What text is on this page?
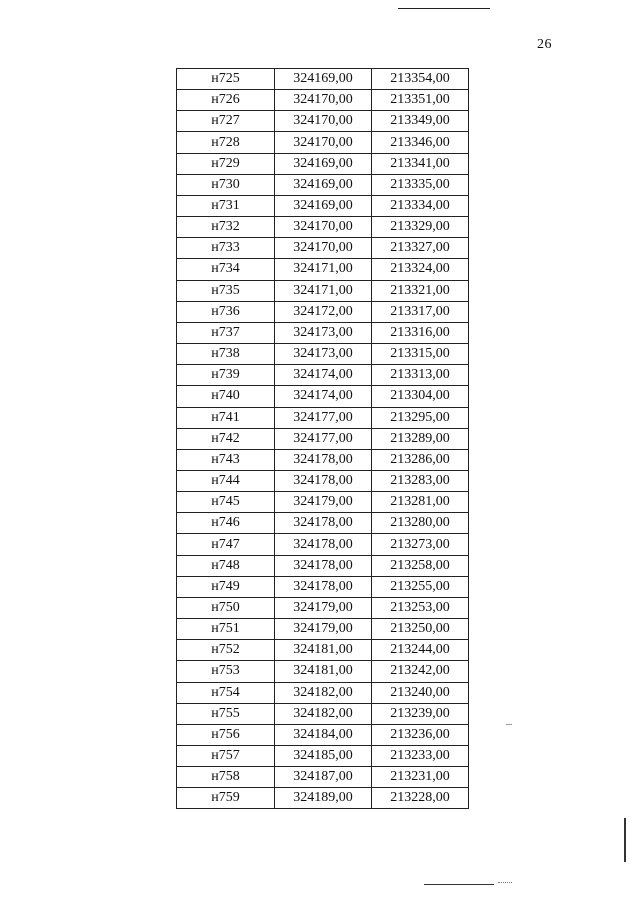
26
н725	324169,00	213354,00
н726	324170,00	213351,00
н727	324170,00	213349,00
н728	324170,00	213346,00
н729	324169,00	213341,00
н730	324169,00	213335,00
н731	324169,00	213334,00
н732	324170,00	213329,00
н733	324170,00	213327,00
н734	324171,00	213324,00
н735	324171,00	213321,00
н736	324172,00	213317,00
н737	324173,00	213316,00
н738	324173,00	213315,00
н739	324174,00	213313,00
н740	324174,00	213304,00
н741	324177,00	213295,00
н742	324177,00	213289,00
н743	324178,00	213286,00
н744	324178,00	213283,00
н745	324179,00	213281,00
н746	324178,00	213280,00
н747	324178,00	213273,00
н748	324178,00	213258,00
н749	324178,00	213255,00
н750	324179,00	213253,00
н751	324179,00	213250,00
н752	324181,00	213244,00
н753	324181,00	213242,00
н754	324182,00	213240,00
н755	324182,00	213239,00
н756	324184,00	213236,00
н757	324185,00	213233,00
н758	324187,00	213231,00
н759	324189,00	213228,00
